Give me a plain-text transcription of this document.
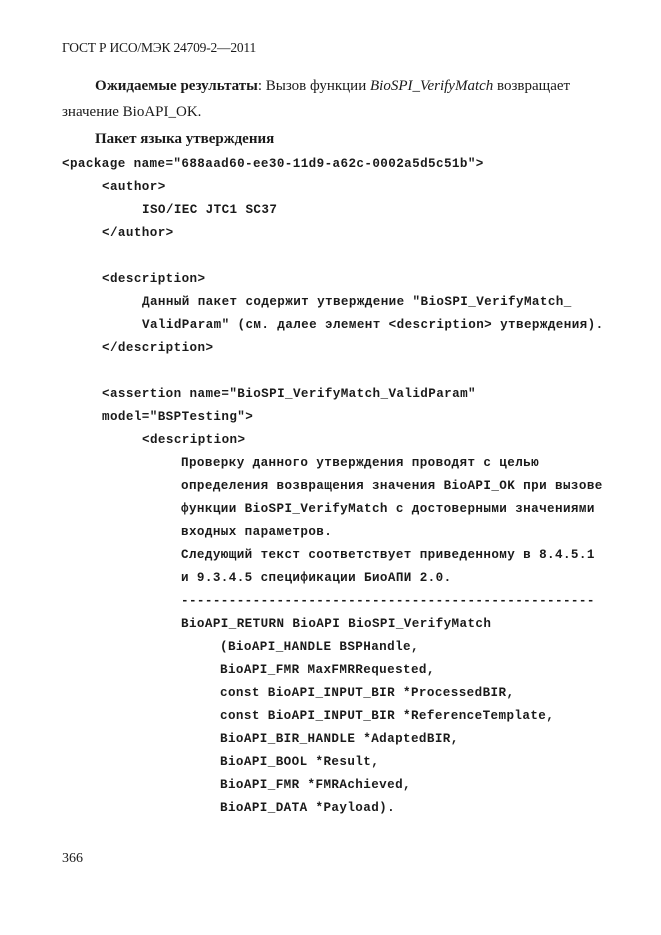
ГОСТ Р ИСО/МЭК 24709-2—2011
Ожидаемые результаты: Вызов функции BioSPI_VerifyMatch возвращает
значение BioAPI_OK.
Пакет языка утверждения
<package name="688aad60-ee30-11d9-a62c-0002a5d5c51b">
<author>
ISO/IEC JTC1 SC37
</author>
<description>
Данный пакет содержит утверждение "BioSPI_VerifyMatch_
ValidParam" (см. далее элемент <description> утверждения).
</description>
<assertion name="BioSPI_VerifyMatch_ValidParam"
model="BSPTesting">
<description>
Проверку данного утверждения проводят с целью
определения возвращения значения BioAPI_OK при вызове
функции BioSPI_VerifyMatch с достоверными значениями
входных параметров.
Следующий текст соответствует приведенному в 8.4.5.1
и 9.3.4.5 спецификации БиоАПИ 2.0.
----------------------------------------------------
BioAPI_RETURN BioAPI BioSPI_VerifyMatch
(BioAPI_HANDLE BSPHandle,
BioAPI_FMR MaxFMRRequested,
const BioAPI_INPUT_BIR *ProcessedBIR,
const BioAPI_INPUT_BIR *ReferenceTemplate,
BioAPI_BIR_HANDLE *AdaptedBIR,
BioAPI_BOOL *Result,
BioAPI_FMR *FMRAchieved,
BioAPI_DATA *Payload).
366
